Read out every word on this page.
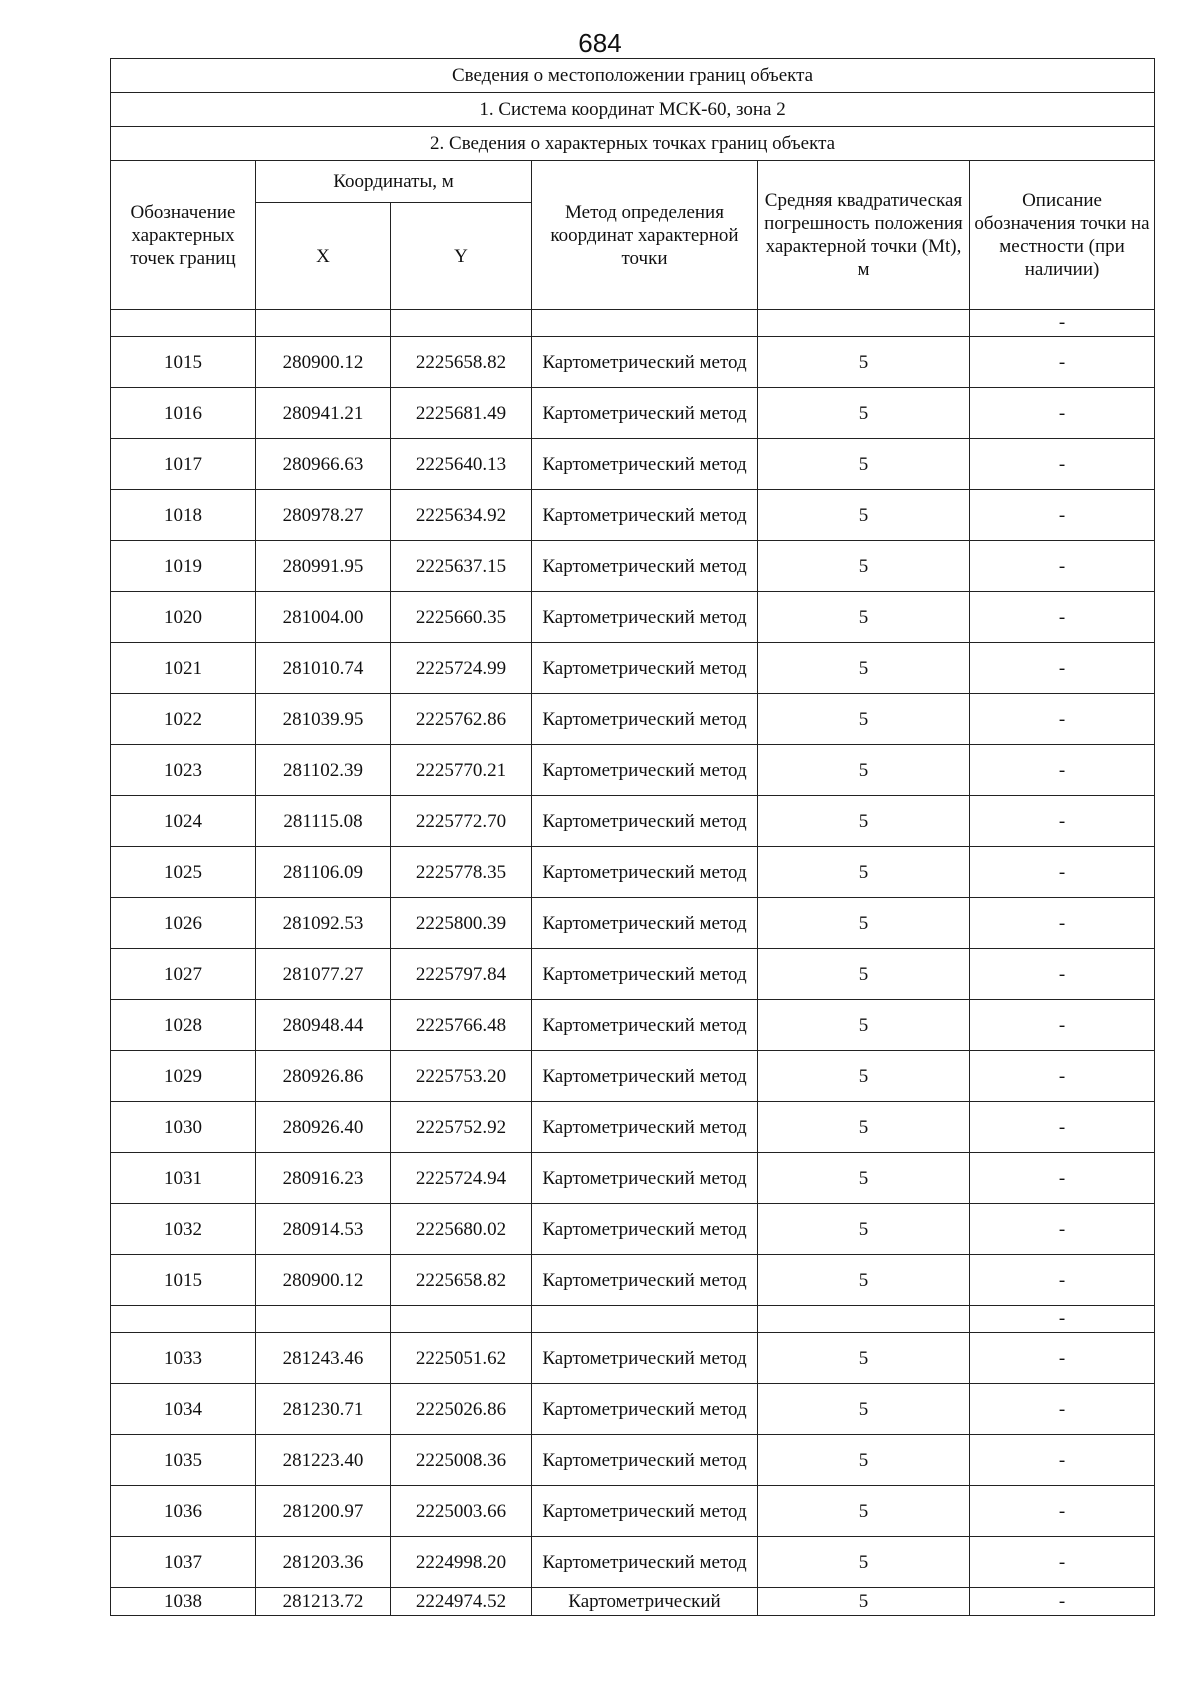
684
Сведения о местоположении границ объекта					
1. Система координат МСК-60, зона 2					
2. Сведения о характерных точках границ объекта					
Обозначение характерных точек границ	Координаты, м		Метод определения координат характерной точки	Средняя квадратическая погрешность положения характерной точки (Mt), м	Описание обозначения точки на местности (при наличии)
	X	Y			
					-
1015	280900.12	2225658.82	Картометрический метод	5	-
1016	280941.21	2225681.49	Картометрический метод	5	-
1017	280966.63	2225640.13	Картометрический метод	5	-
1018	280978.27	2225634.92	Картометрический метод	5	-
1019	280991.95	2225637.15	Картометрический метод	5	-
1020	281004.00	2225660.35	Картометрический метод	5	-
1021	281010.74	2225724.99	Картометрический метод	5	-
1022	281039.95	2225762.86	Картометрический метод	5	-
1023	281102.39	2225770.21	Картометрический метод	5	-
1024	281115.08	2225772.70	Картометрический метод	5	-
1025	281106.09	2225778.35	Картометрический метод	5	-
1026	281092.53	2225800.39	Картометрический метод	5	-
1027	281077.27	2225797.84	Картометрический метод	5	-
1028	280948.44	2225766.48	Картометрический метод	5	-
1029	280926.86	2225753.20	Картометрический метод	5	-
1030	280926.40	2225752.92	Картометрический метод	5	-
1031	280916.23	2225724.94	Картометрический метод	5	-
1032	280914.53	2225680.02	Картометрический метод	5	-
1015	280900.12	2225658.82	Картометрический метод	5	-
					-
1033	281243.46	2225051.62	Картометрический метод	5	-
1034	281230.71	2225026.86	Картометрический метод	5	-
1035	281223.40	2225008.36	Картометрический метод	5	-
1036	281200.97	2225003.66	Картометрический метод	5	-
1037	281203.36	2224998.20	Картометрический метод	5	-
1038	281213.72	2224974.52	Картометрический	5	-
